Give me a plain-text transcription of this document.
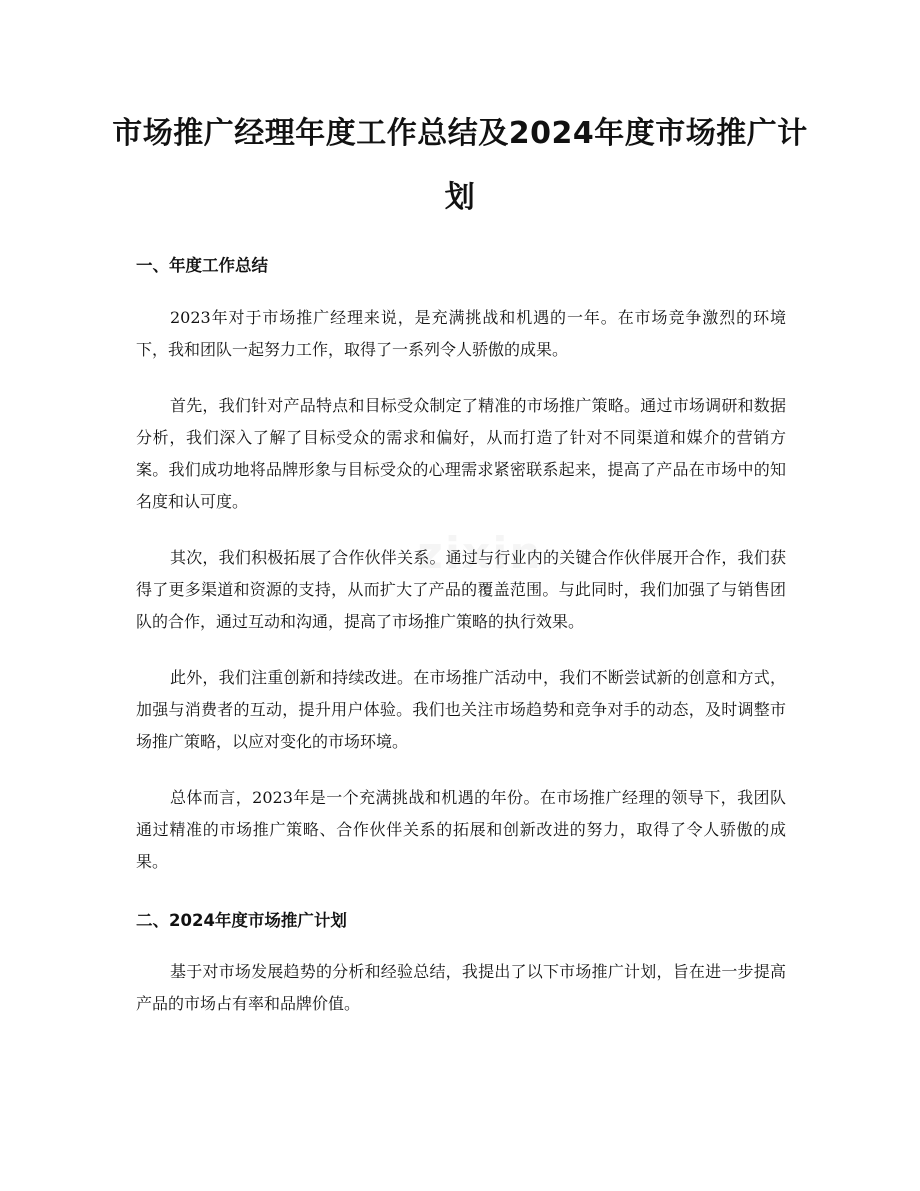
市场推广经理年度工作总结及2024年度市场推广计划
一、年度工作总结

2023年对于市场推广经理来说，是充满挑战和机遇的一年。在市场竞争激烈的环境下，我和团队一起努力工作，取得了一系列令人骄傲的成果。

首先，我们针对产品特点和目标受众制定了精准的市场推广策略。通过市场调研和数据分析，我们深入了解了目标受众的需求和偏好，从而打造了针对不同渠道和媒介的营销方案。我们成功地将品牌形象与目标受众的心理需求紧密联系起来，提高了产品在市场中的知名度和认可度。

其次，我们积极拓展了合作伙伴关系。通过与行业内的关键合作伙伴展开合作，我们获得了更多渠道和资源的支持，从而扩大了产品的覆盖范围。与此同时，我们加强了与销售团队的合作，通过互动和沟通，提高了市场推广策略的执行效果。

此外，我们注重创新和持续改进。在市场推广活动中，我们不断尝试新的创意和方式，加强与消费者的互动，提升用户体验。我们也关注市场趋势和竞争对手的动态，及时调整市场推广策略，以应对变化的市场环境。

总体而言，2023年是一个充满挑战和机遇的年份。在市场推广经理的领导下，我团队通过精准的市场推广策略、合作伙伴关系的拓展和创新改进的努力，取得了令人骄傲的成果。

二、2024年度市场推广计划

基于对市场发展趋势的分析和经验总结，我提出了以下市场推广计划，旨在进一步提高产品的市场占有率和品牌价值。
